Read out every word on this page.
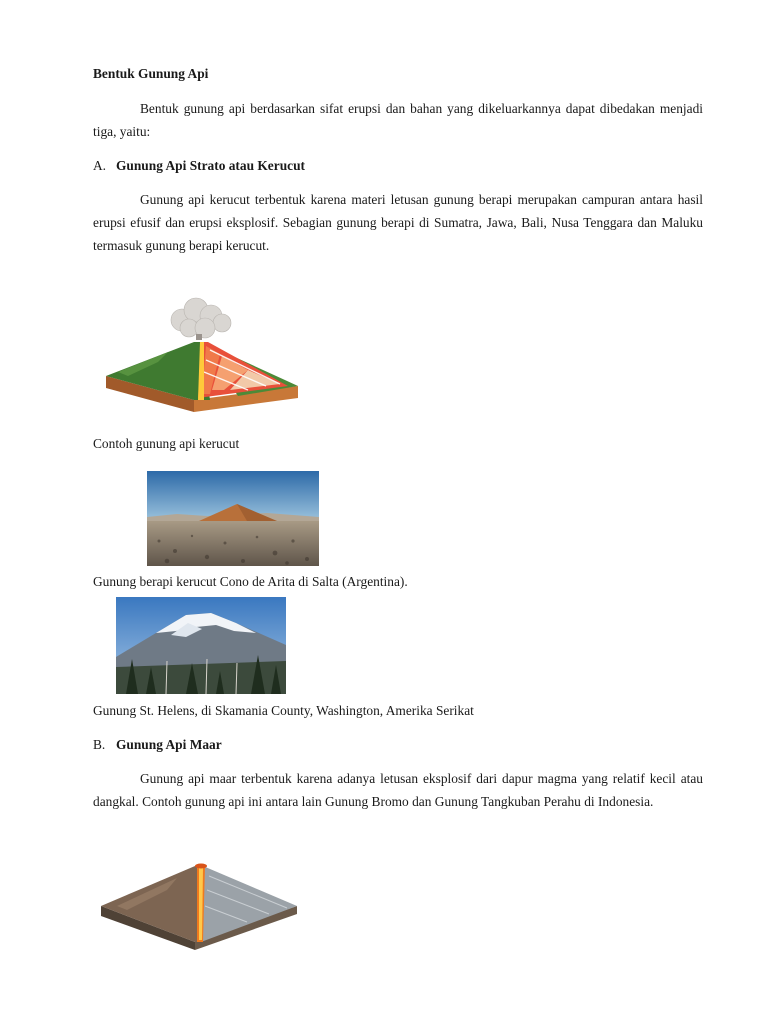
Bentuk Gunung Api

Bentuk gunung api berdasarkan sifat erupsi dan bahan yang dikeluarkannya dapat dibedakan menjadi tiga, yaitu:

A. Gunung Api Strato atau Kerucut

Gunung api kerucut terbentuk karena materi letusan gunung berapi merupakan campuran antara hasil erupsi efusif dan erupsi eksplosif. Sebagian gunung berapi di Sumatra, Jawa, Bali, Nusa Tenggara dan Maluku termasuk gunung berapi kerucut.

Contoh gunung api kerucut

Gunung berapi kerucut Cono de Arita di Salta (Argentina).

Gunung St. Helens, di Skamania County, Washington, Amerika Serikat

B. Gunung Api Maar

Gunung api maar terbentuk karena adanya letusan eksplosif dari dapur magma yang relatif kecil atau dangkal. Contoh gunung api ini antara lain Gunung Bromo dan Gunung Tangkuban Perahu di Indonesia.
